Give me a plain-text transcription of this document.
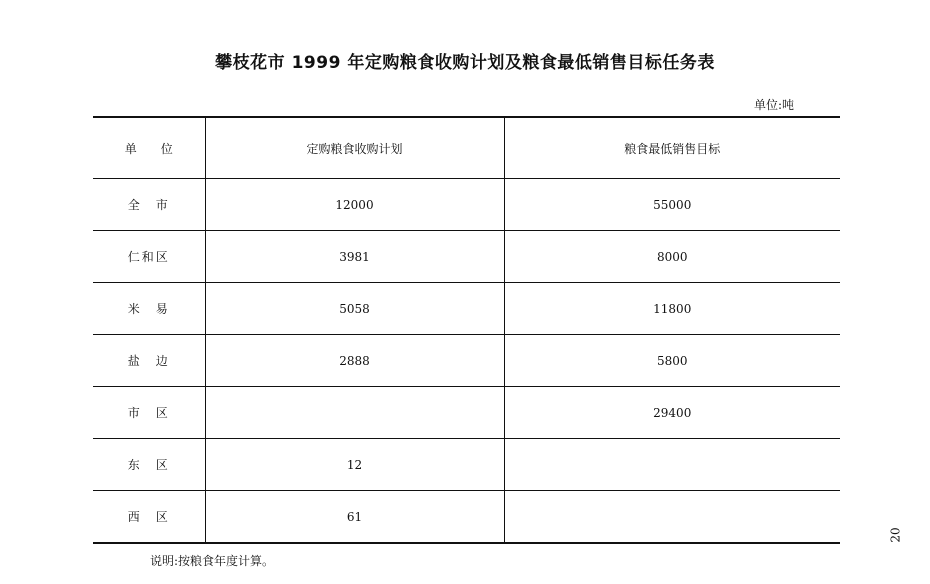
攀枝花市 1999 年定购粮食收购计划及粮食最低销售目标任务表
单位:吨
单　　位	定购粮食收购计划	粮食最低销售目标
全　市	12000	55000
仁和区	3981	8000
米　易	5058	11800
盐　边	2888	5800
市　区		29400
东　区	12	
西　区	61	
说明:按粮食年度计算。
20
